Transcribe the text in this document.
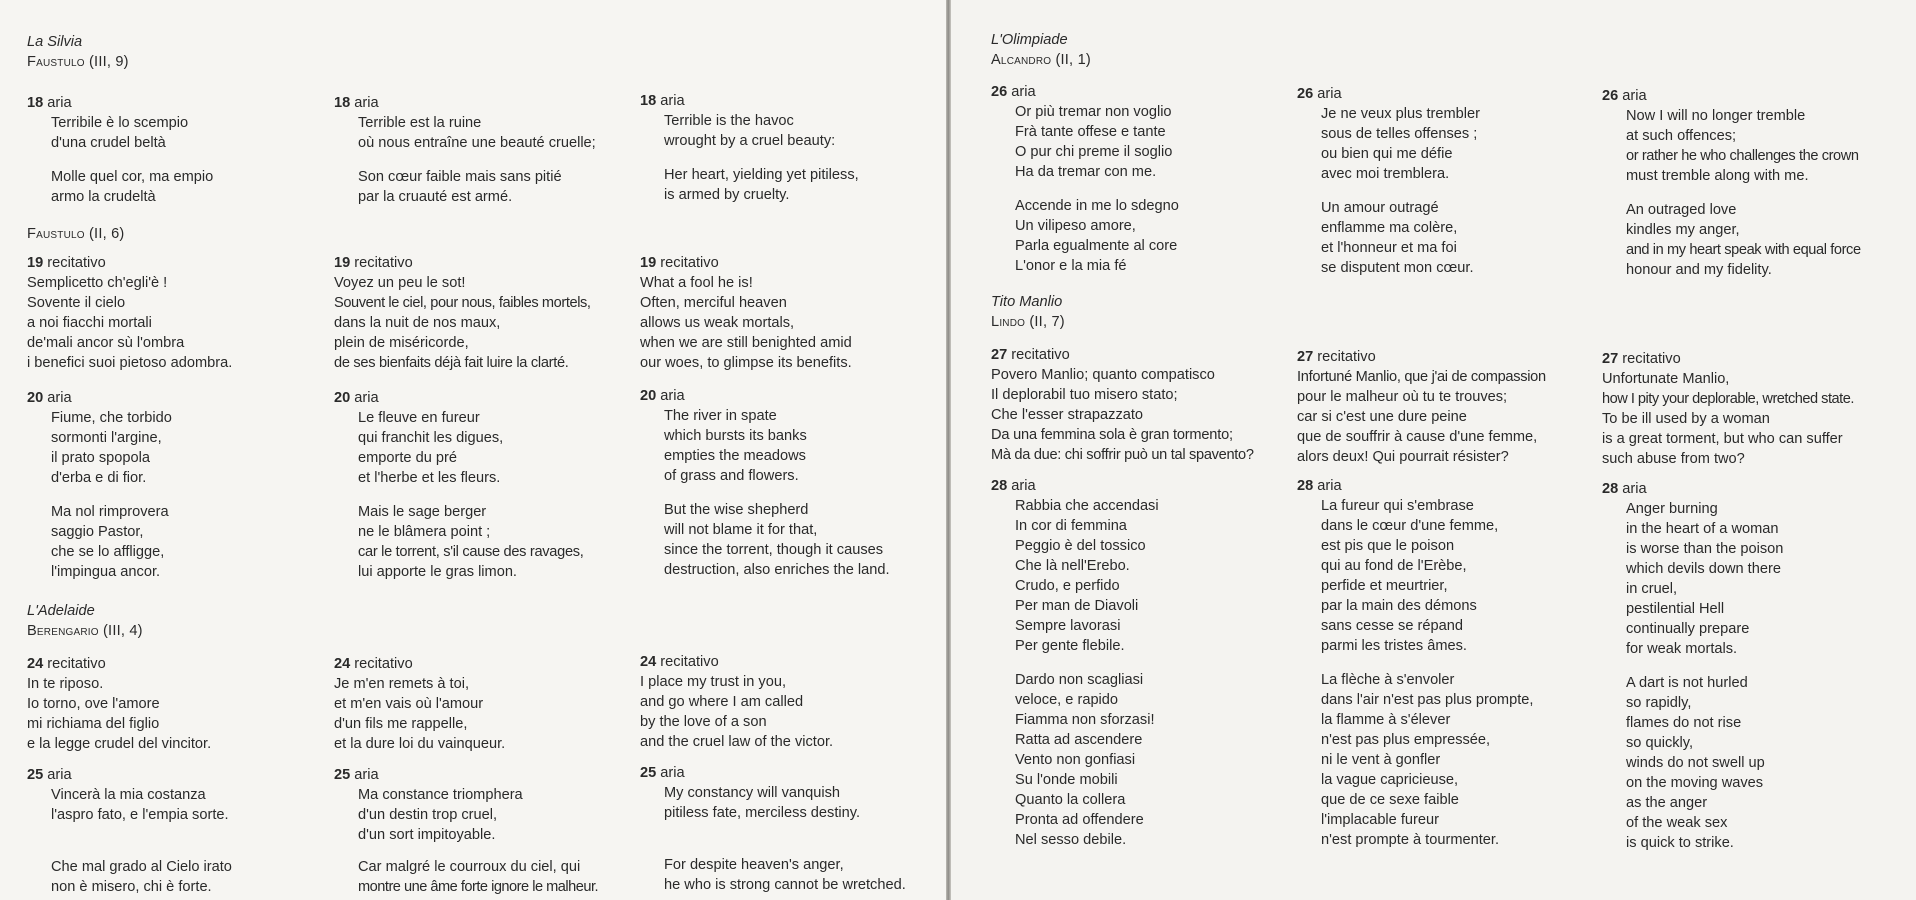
La Silvia
Faustulo (III, 9)
18 aria
Terribile è lo scempio
d'una crudel beltà
Molle quel cor, ma empio
armo la crudeltà
Faustulo (II, 6)
19 recitativo
Semplicetto ch'egli'è !
Sovente il cielo
a noi fiacchi mortali
de'mali ancor sù l'ombra
i benefici suoi pietoso adombra.
20 aria
Fiume, che torbido
sormonti l'argine,
il prato spopola
d'erba e di fior.
Ma nol rimprovera
saggio Pastor,
che se lo affligge,
l'impingua ancor.
L'Adelaide
Berengario (III, 4)
24 recitativo
In te riposo.
Io torno, ove l'amore
mi richiama del figlio
e la legge crudel del vincitor.
25 aria
Vincerà la mia costanza
l'aspro fato, e l'empia sorte.
Che mal grado al Cielo irato
non è misero, chi è forte.
18 aria
Terrible est la ruine
où nous entraîne une beauté cruelle;
Son cœur faible mais sans pitié
par la cruauté est armé.
19 recitativo
Voyez un peu le sot!
Souvent le ciel, pour nous, faibles mortels,
dans la nuit de nos maux,
plein de miséricorde,
de ses bienfaits déjà fait luire la clarté.
20 aria
Le fleuve en fureur
qui franchit les digues,
emporte du pré
et l'herbe et les fleurs.
Mais le sage berger
ne le blâmera point ;
car le torrent, s'il cause des ravages,
lui apporte le gras limon.
24 recitativo
Je m'en remets à toi,
et m'en vais où l'amour
d'un fils me rappelle,
et la dure loi du vainqueur.
25 aria
Ma constance triomphera
d'un destin trop cruel,
d'un sort impitoyable.
Car malgré le courroux du ciel, qui
montre une âme forte ignore le malheur.
18 aria
Terrible is the havoc
wrought by a cruel beauty:
Her heart, yielding yet pitiless,
is armed by cruelty.
19 recitativo
What a fool he is!
Often, merciful heaven
allows us weak mortals,
when we are still benighted amid
our woes, to glimpse its benefits.
20 aria
The river in spate
which bursts its banks
empties the meadows
of grass and flowers.
But the wise shepherd
will not blame it for that,
since the torrent, though it causes
destruction, also enriches the land.
24 recitativo
I place my trust in you,
and go where I am called
by the love of a son
and the cruel law of the victor.
25 aria
My constancy will vanquish
pitiless fate, merciless destiny.
For despite heaven's anger,
he who is strong cannot be wretched.
L'Olimpiade
Alcandro (II, 1)
26 aria
Or più tremar non voglio
Frà tante offese e tante
O pur chi preme il soglio
Ha da tremar con me.
Accende in me lo sdegno
Un vilipeso amore,
Parla egualmente al core
L'onor e la mia fé
Tito Manlio
Lindo (II, 7)
27 recitativo
Povero Manlio; quanto compatisco
Il deplorabil tuo misero stato;
Che l'esser strapazzato
Da una femmina sola è gran tormento;
Mà da due: chi soffrir può un tal spavento?
28 aria
Rabbia che accendasi
In cor di femmina
Peggio è del tossico
Che là nell'Erebo.
Crudo, e perfido
Per man de Diavoli
Sempre lavorasi
Per gente flebile.
Dardo non scagliasi
veloce, e rapido
Fiamma non sforzasi!
Ratta ad ascendere
Vento non gonfiasi
Su l'onde mobili
Quanto la collera
Pronta ad offendere
Nel sesso debile.
26 aria
Je ne veux plus trembler
sous de telles offenses ;
ou bien qui me défie
avec moi tremblera.
Un amour outragé
enflamme ma colère,
et l'honneur et ma foi
se disputent mon cœur.
27 recitativo
Infortuné Manlio, que j'ai de compassion
pour le malheur où tu te trouves;
car si c'est une dure peine
que de souffrir à cause d'une femme,
alors deux! Qui pourrait résister?
28 aria
La fureur qui s'embrase
dans le cœur d'une femme,
est pis que le poison
qui au fond de l'Erèbe,
perfide et meurtrier,
par la main des démons
sans cesse se répand
parmi les tristes âmes.
La flèche à s'envoler
dans l'air n'est pas plus prompte,
la flamme à s'élever
n'est pas plus empressée,
ni le vent à gonfler
la vague capricieuse,
que de ce sexe faible
l'implacable fureur
n'est prompte à tourmenter.
26 aria
Now I will no longer tremble
at such offences;
or rather he who challenges the crown
must tremble along with me.
An outraged love
kindles my anger,
and in my heart speak with equal force
honour and my fidelity.
27 recitativo
Unfortunate Manlio,
how I pity your deplorable, wretched state.
To be ill used by a woman
is a great torment, but who can suffer
such abuse from two?
28 aria
Anger burning
in the heart of a woman
is worse than the poison
which devils down there
in cruel,
pestilential Hell
continually prepare
for weak mortals.
A dart is not hurled
so rapidly,
flames do not rise
so quickly,
winds do not swell up
on the moving waves
as the anger
of the weak sex
is quick to strike.
